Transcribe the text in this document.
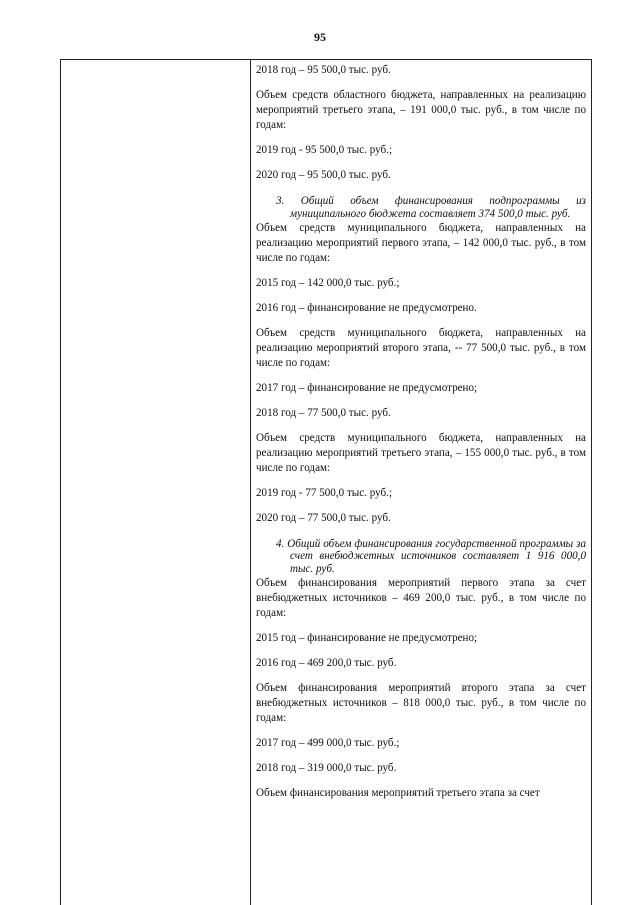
95

2018 год – 95 500,0 тыс. руб.

Объем средств областного бюджета, направленных на реализацию мероприятий третьего этапа, – 191 000,0 тыс. руб., в том числе по годам:

2019 год - 95 500,0 тыс. руб.;

2020 год – 95 500,0 тыс. руб.

3. Общий объем финансирования подпрограммы из муниципального бюджета составляет 374 500,0 тыс. руб.

Объем средств муниципального бюджета, направленных на реализацию мероприятий первого этапа, – 142 000,0 тыс. руб., в том числе по годам:

2015 год – 142 000,0 тыс. руб.;

2016 год – финансирование не предусмотрено.

Объем средств муниципального бюджета, направленных на реализацию мероприятий второго этапа, -- 77 500,0 тыс. руб., в том числе по годам:

2017 год – финансирование не предусмотрено;

2018 год – 77 500,0 тыс. руб.

Объем средств муниципального бюджета, направленных на реализацию мероприятий третьего этапа, – 155 000,0 тыс. руб., в том числе по годам:

2019 год - 77 500,0 тыс. руб.;

2020 год – 77 500,0 тыс. руб.

4. Общий объем финансирования государственной программы за счет внебюджетных источников составляет 1 916 000,0 тыс. руб.

Объем финансирования мероприятий первого этапа за счет внебюджетных источников – 469 200,0 тыс. руб., в том числе по годам:

2015 год – финансирование не предусмотрено;

2016 год – 469 200,0 тыс. руб.

Объем финансирования мероприятий второго этапа за счет внебюджетных источников – 818 000,0 тыс. руб., в том числе по годам:

2017 год – 499 000,0 тыс. руб.;

2018 год – 319 000,0 тыс. руб.

Объем финансирования мероприятий третьего этапа за счет
